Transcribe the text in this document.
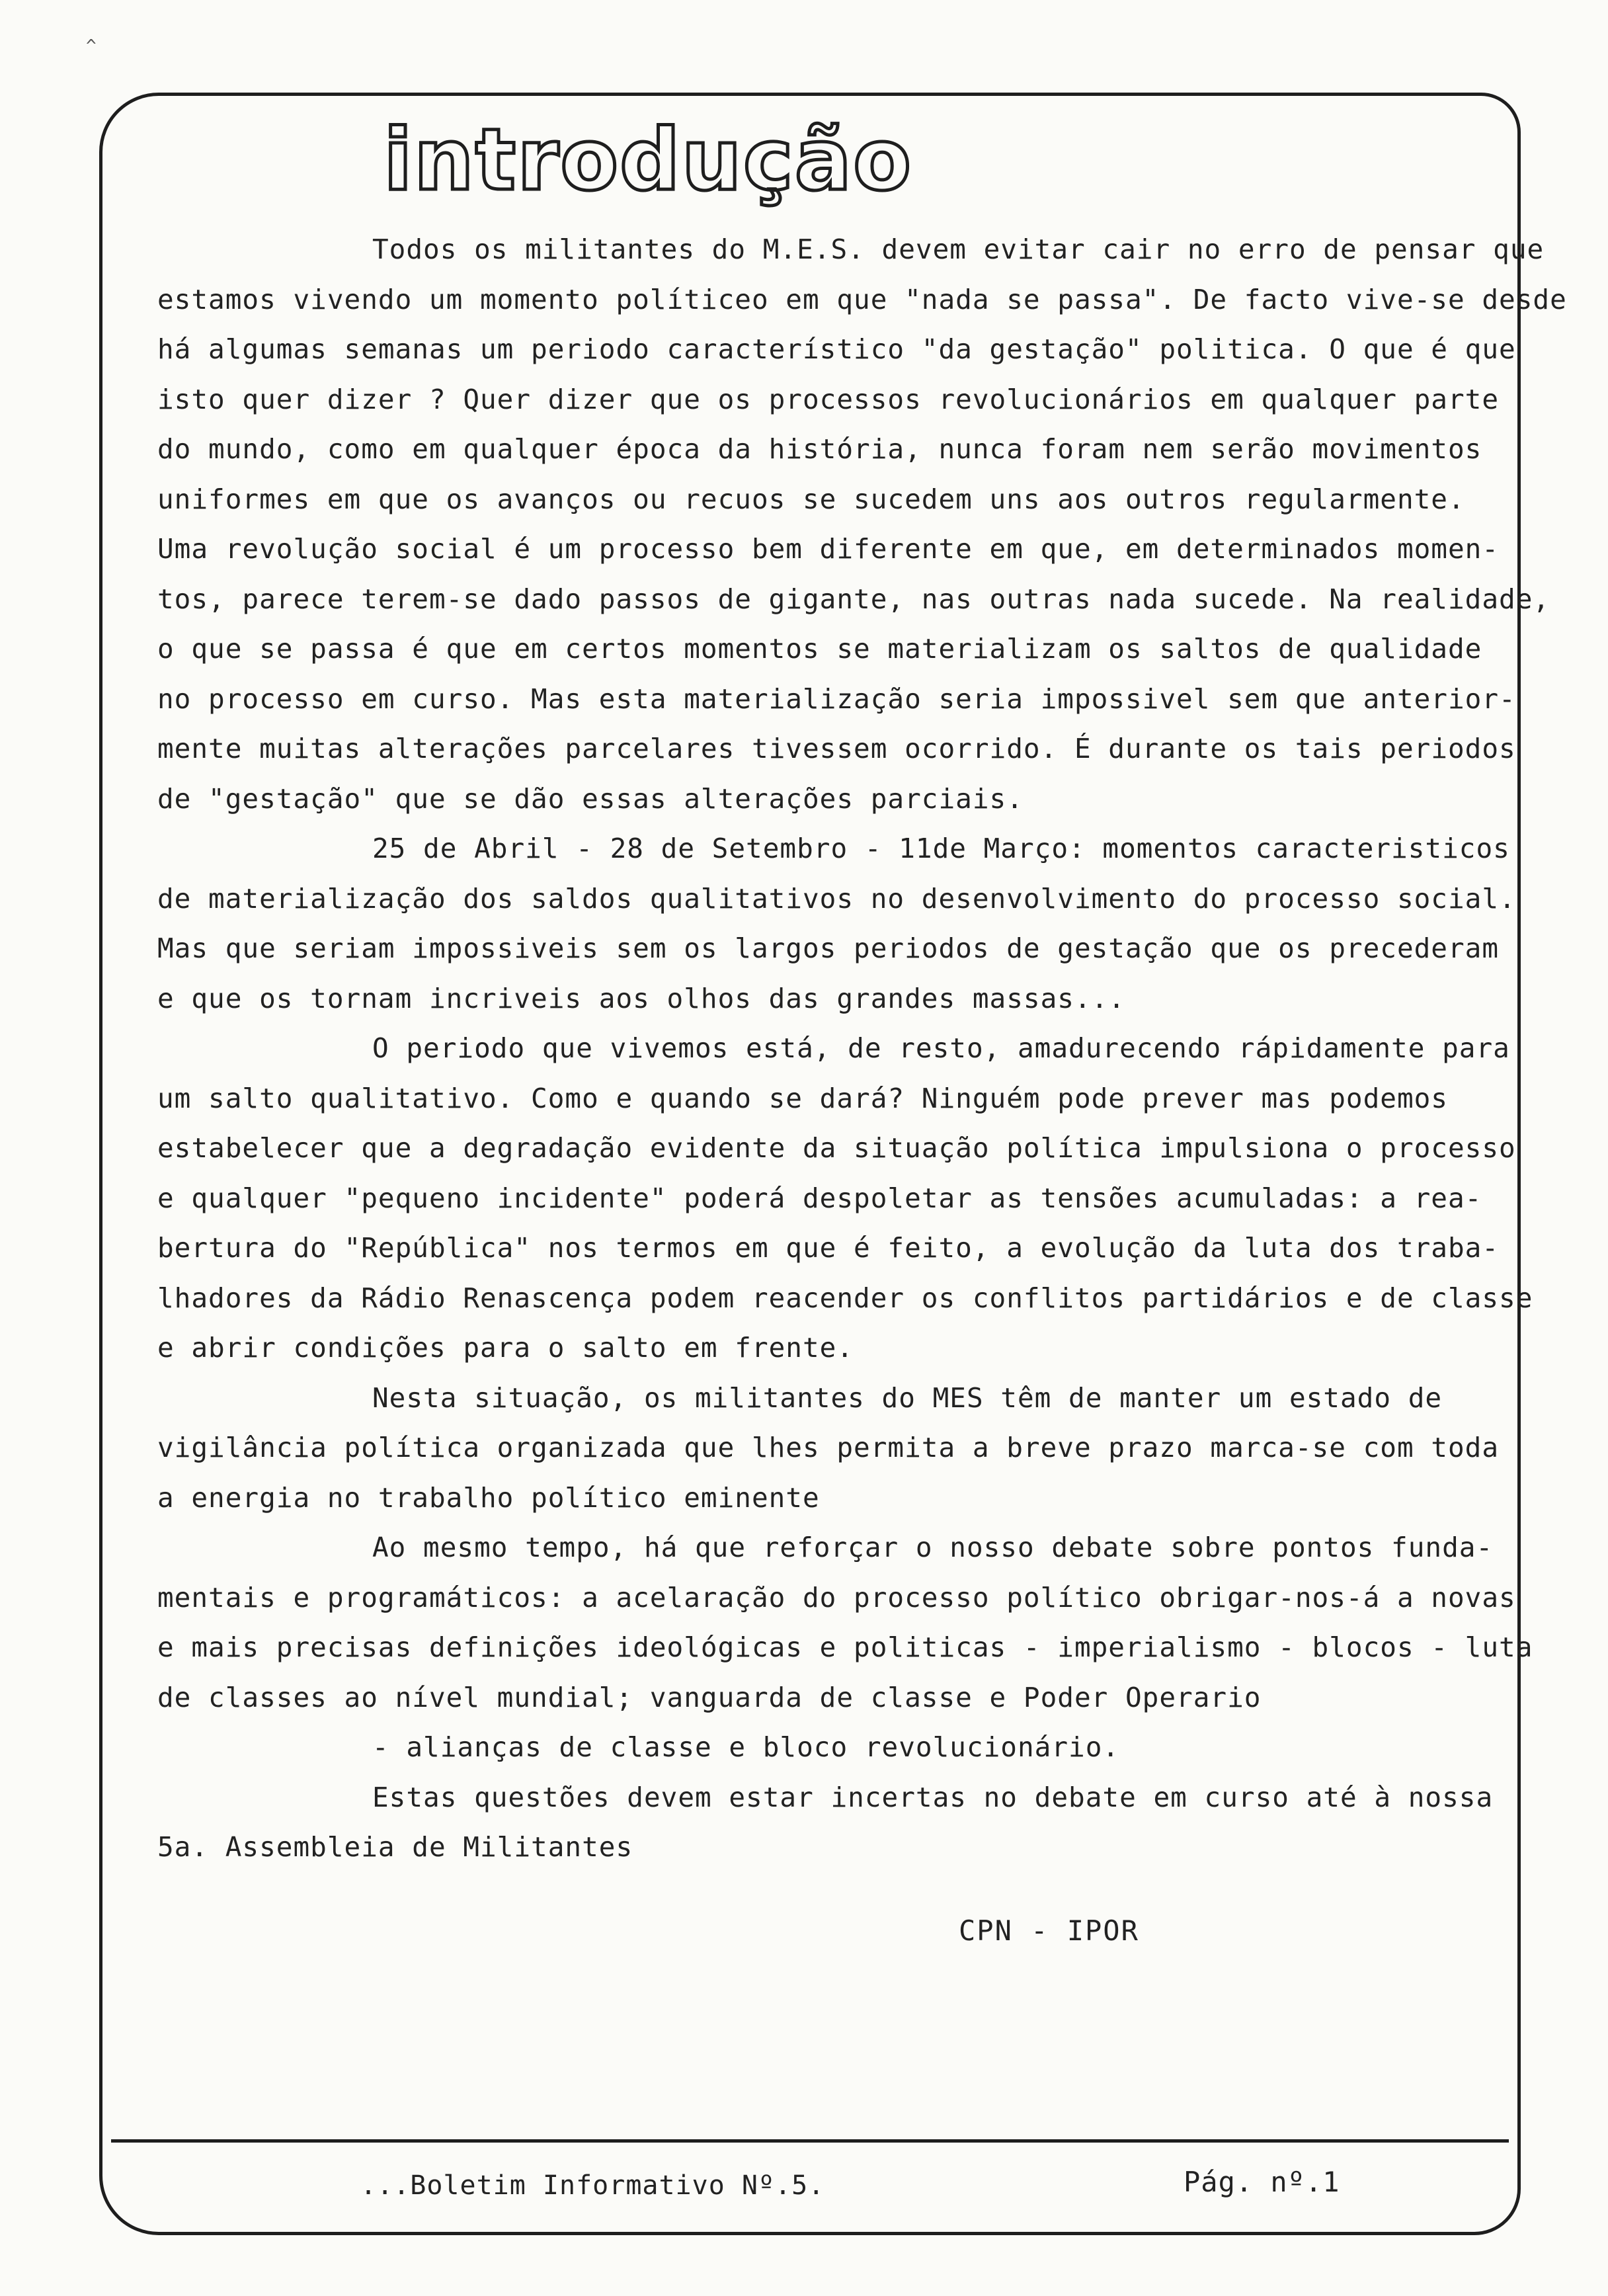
^
introdução
Todos os militantes do M.E.S. devem evitar cair no erro de pensar que
estamos vivendo um momento políticeo em que "nada se passa". De facto vive-se desde
há algumas semanas um periodo característico "da gestação" politica. O que é que
isto quer dizer ? Quer dizer que os processos revolucionários em qualquer parte
do mundo, como em qualquer época da história, nunca foram nem serão movimentos
uniformes em que os avanços ou recuos se sucedem uns aos outros regularmente.
Uma revolução social é um processo bem diferente em que, em determinados momen-
tos, parece terem-se dado passos de gigante, nas outras nada sucede. Na realidade,
o que se passa é que em certos momentos se materializam os saltos de qualidade
no processo em curso. Mas esta materialização seria impossivel sem que anterior-
mente muitas alterações parcelares tivessem ocorrido. É durante os tais periodos
de "gestação" que se dão essas alterações parciais.
25 de Abril - 28 de Setembro - 11de Março: momentos caracteristicos
de materialização dos saldos qualitativos no desenvolvimento do processo social.
Mas que seriam impossiveis sem os largos periodos de gestação que os precederam
e que os tornam incriveis aos olhos das grandes massas...
O periodo que vivemos está, de resto, amadurecendo rápidamente para
um salto qualitativo. Como e quando se dará? Ninguém pode prever mas podemos
estabelecer que a degradação evidente da situação política impulsiona o processo
e qualquer "pequeno incidente" poderá despoletar as tensões acumuladas: a rea-
bertura do "República" nos termos em que é feito, a evolução da luta dos traba-
lhadores da Rádio Renascença podem reacender os conflitos partidários e de classe
e abrir condições para o salto em frente.
Nesta situação, os militantes do MES têm de manter um estado de
vigilância política organizada que lhes permita a breve prazo marca-se com toda
a energia no trabalho político eminente
Ao mesmo tempo, há que reforçar o nosso debate sobre pontos funda-
mentais e programáticos: a acelaração do processo político obrigar-nos-á a novas
e mais precisas definições ideológicas e politicas - imperialismo - blocos - luta
de classes ao nível mundial; vanguarda de classe e Poder Operario
- alianças de classe e bloco revolucionário.
Estas questões devem estar incertas no debate em curso até à nossa
5a. Assembleia de Militantes
CPN - IPOR
...Boletim Informativo Nº.5.	Pág. nº.1
